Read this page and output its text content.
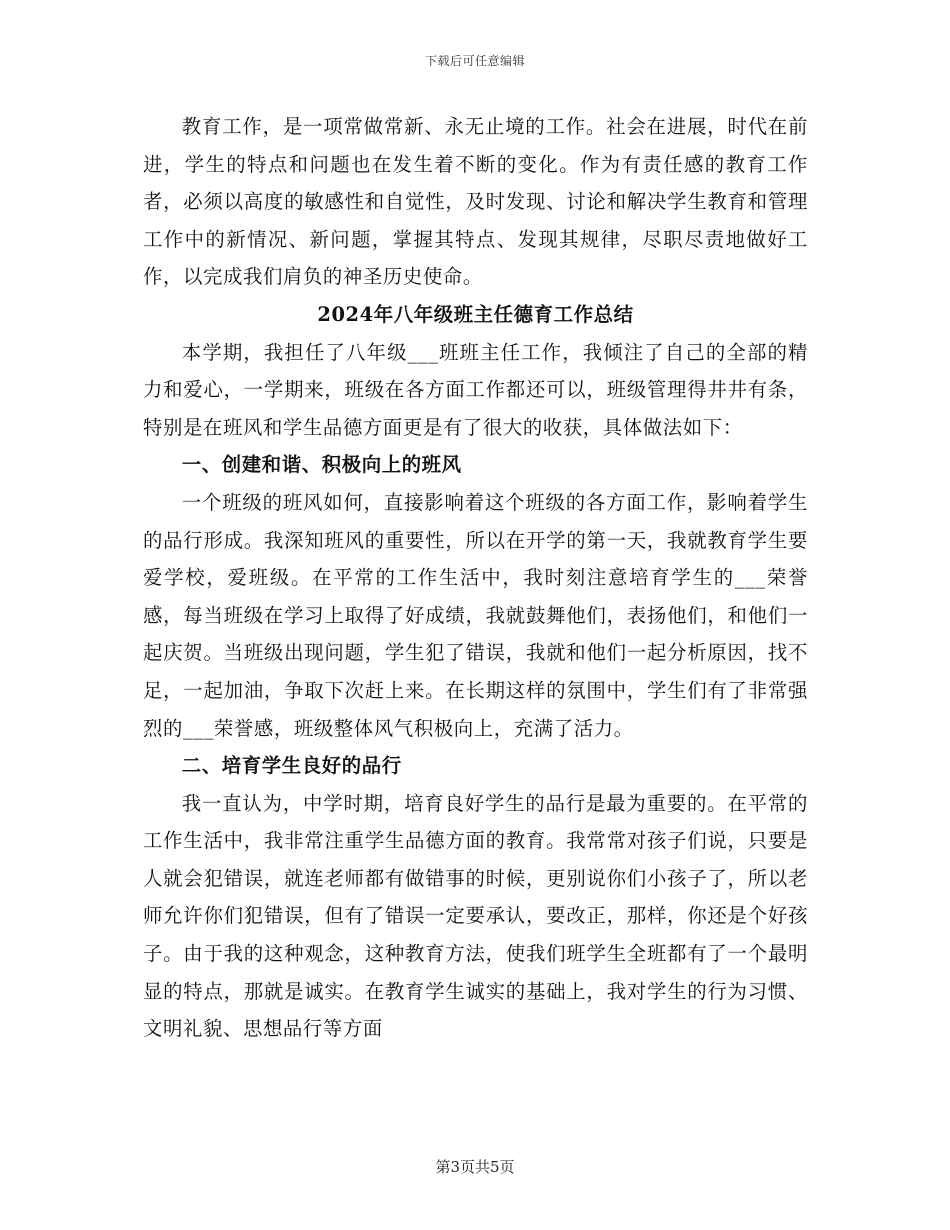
下载后可任意编辑

教育工作，是一项常做常新、永无止境的工作。社会在进展，时代在前进，学生的特点和问题也在发生着不断的变化。作为有责任感的教育工作者，必须以高度的敏感性和自觉性，及时发现、讨论和解决学生教育和管理工作中的新情况、新问题，掌握其特点、发现其规律，尽职尽责地做好工作，以完成我们肩负的神圣历史使命。

2024年八年级班主任德育工作总结

本学期，我担任了八年级___班班主任工作，我倾注了自己的全部的精力和爱心，一学期来，班级在各方面工作都还可以，班级管理得井井有条，特别是在班风和学生品德方面更是有了很大的收获，具体做法如下：

一、创建和谐、积极向上的班风

一个班级的班风如何，直接影响着这个班级的各方面工作，影响着学生的品行形成。我深知班风的重要性，所以在开学的第一天，我就教育学生要爱学校，爱班级。在平常的工作生活中，我时刻注意培育学生的___荣誉感，每当班级在学习上取得了好成绩，我就鼓舞他们，表扬他们，和他们一起庆贺。当班级出现问题，学生犯了错误，我就和他们一起分析原因，找不足，一起加油，争取下次赶上来。在长期这样的氛围中，学生们有了非常强烈的___荣誉感，班级整体风气积极向上，充满了活力。

二、培育学生良好的品行

我一直认为，中学时期，培育良好学生的品行是最为重要的。在平常的工作生活中，我非常注重学生品德方面的教育。我常常对孩子们说，只要是人就会犯错误，就连老师都有做错事的时候，更别说你们小孩子了，所以老师允许你们犯错误，但有了错误一定要承认，要改正，那样，你还是个好孩子。由于我的这种观念，这种教育方法，使我们班学生全班都有了一个最明显的特点，那就是诚实。在教育学生诚实的基础上，我对学生的行为习惯、文明礼貌、思想品行等方面

第3页共5页
